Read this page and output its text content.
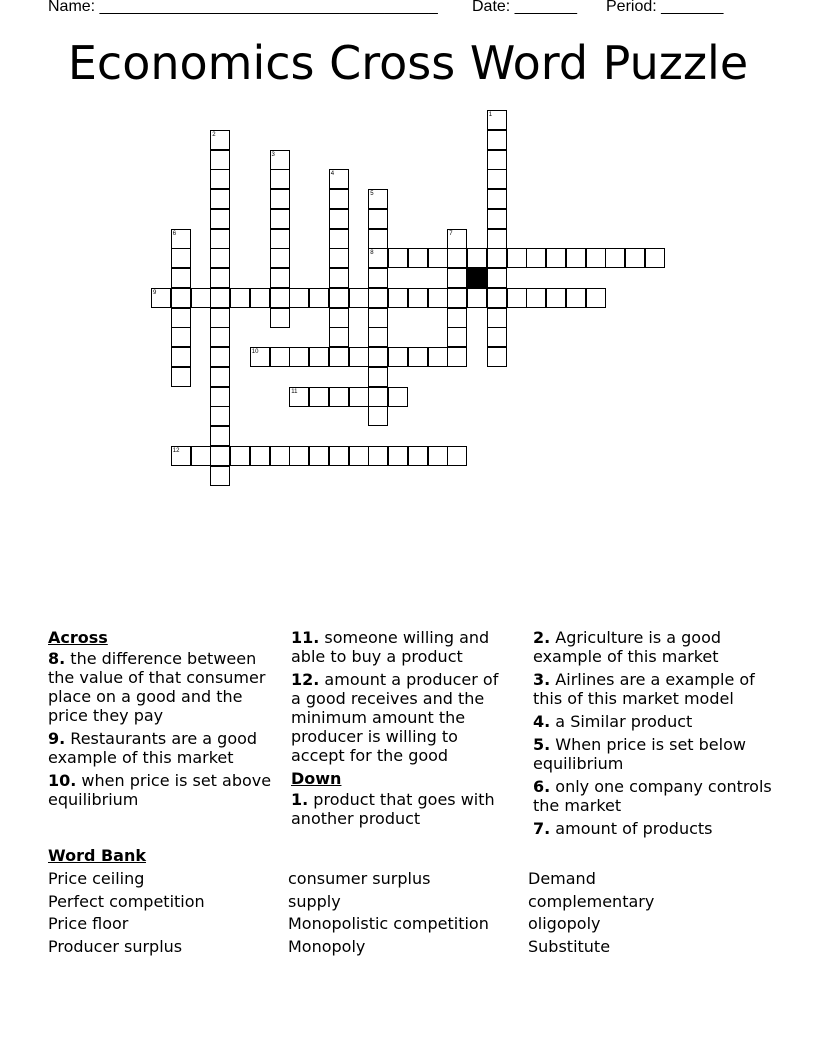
Name: ______________________________________ Date: _______ Period: _______
Economics Cross Word Puzzle
1
2
3
4
5
6	7
8
9
10
11
12
Across
8. the difference between the value of that consumer place on a good and the price they pay
9. Restaurants are a good example of this market
10. when price is set above equilibrium
11. someone willing and able to buy a product
12. amount a producer of a good receives and the minimum amount the producer is willing to accept for the good
Down
1. product that goes with another product
2. Agriculture is a good example of this market
3. Airlines are a example of this of this market model
4. a Similar product
5. When price is set below equilibrium
6. only one company controls the market
7. amount of products
Word Bank
Price ceiling
Perfect competition
Price floor
Producer surplus
consumer surplus
supply
Monopolistic competition
Monopoly
Demand
complementary
oligopoly
Substitute
